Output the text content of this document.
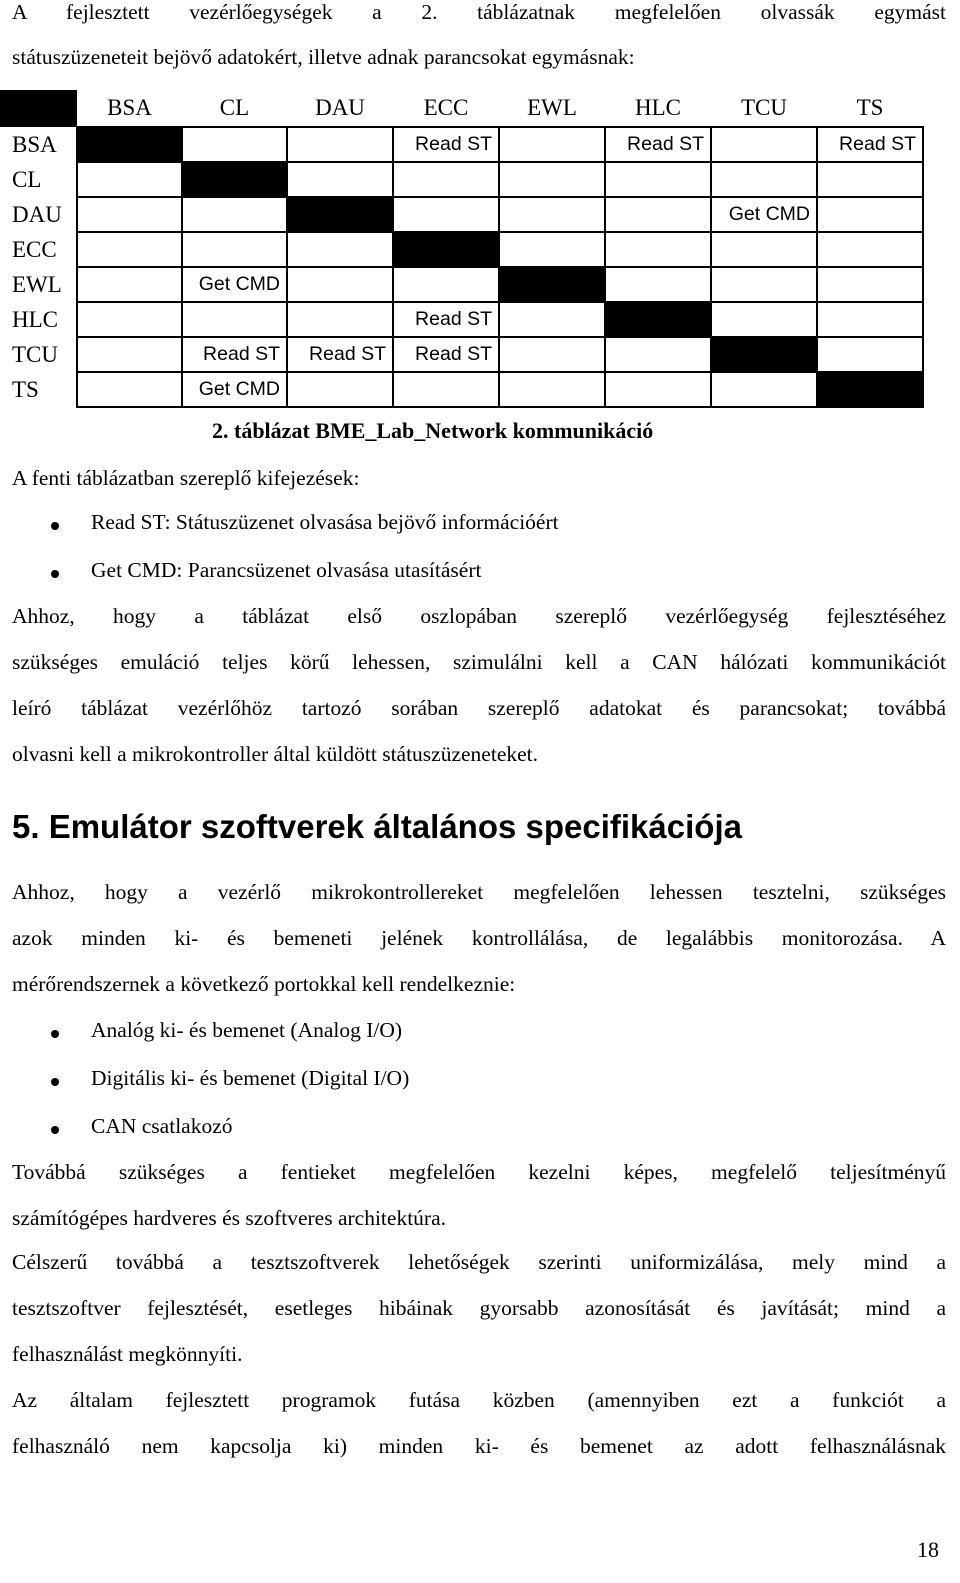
A fejlesztett vezérlőegységek a 2. táblázatnak megfelelően olvassák egymást
státuszüzeneteit bejövő adatokért, illetve adnak parancsokat egymásnak:
	BSA	CL	DAU	ECC	EWL	HLC	TCU	TS
BSA				Read ST		Read ST		Read ST
CL								
DAU							Get CMD	
ECC								
EWL		Get CMD						
HLC				Read ST				
TCU		Read ST	Read ST	Read ST				
TS		Get CMD						
2. táblázat BME_Lab_Network kommunikáció
A fenti táblázatban szereplő kifejezések:
Read ST: Státuszüzenet olvasása bejövő információért
Get CMD: Parancsüzenet olvasása utasításért
Ahhoz, hogy a táblázat első oszlopában szereplő vezérlőegység fejlesztéséhez
szükséges emuláció teljes körű lehessen, szimulálni kell a CAN hálózati kommunikációt
leíró táblázat vezérlőhöz tartozó sorában szereplő adatokat és parancsokat; továbbá
olvasni kell a mikrokontroller által küldött státuszüzeneteket.
5. Emulátor szoftverek általános specifikációja
Ahhoz, hogy a vezérlő mikrokontrollereket megfelelően lehessen tesztelni, szükséges
azok minden ki- és bemeneti jelének kontrollálása, de legalábbis monitorozása. A
mérőrendszernek a következő portokkal kell rendelkeznie:
Analóg ki- és bemenet (Analog I/O)
Digitális ki- és bemenet (Digital I/O)
CAN csatlakozó
Továbbá szükséges a fentieket megfelelően kezelni képes, megfelelő teljesítményű
számítógépes hardveres és szoftveres architektúra.
Célszerű továbbá a tesztszoftverek lehetőségek szerinti uniformizálása, mely mind a
tesztszoftver fejlesztését, esetleges hibáinak gyorsabb azonosítását és javítását; mind a
felhasználást megkönnyíti.
Az általam fejlesztett programok futása közben (amennyiben ezt a funkciót a
felhasználó nem kapcsolja ki) minden ki- és bemenet az adott felhasználásnak
18
